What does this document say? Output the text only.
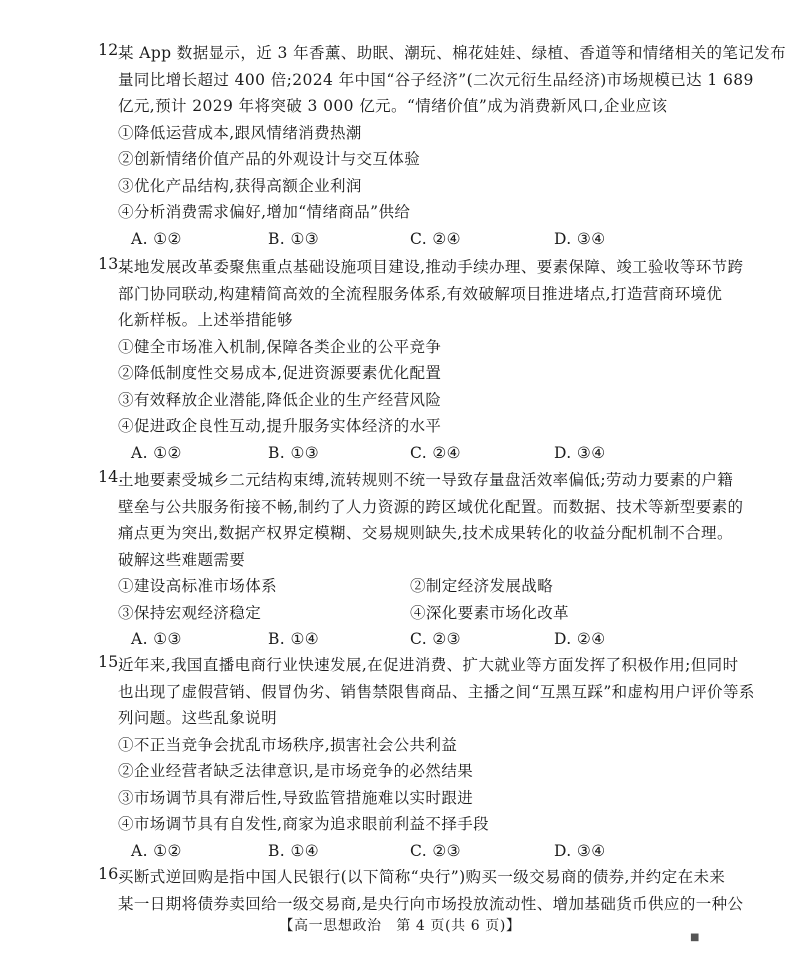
12.
某 App 数据显示，近 3 年香薰、助眠、潮玩、棉花娃娃、绿植、香道等和情绪相关的笔记发布
量同比增长超过 400 倍;2024 年中国“谷子经济”(二次元衍生品经济)市场规模已达 1 689
亿元,预计 2029 年将突破 3 000 亿元。“情绪价值”成为消费新风口,企业应该
①降低运营成本,跟风情绪消费热潮
②创新情绪价值产品的外观设计与交互体验
③优化产品结构,获得高额企业利润
④分析消费需求偏好,增加“情绪商品”供给
A. ①②	B. ①③	C. ②④	D. ③④
13.
某地发展改革委聚焦重点基础设施项目建设,推动手续办理、要素保障、竣工验收等环节跨
部门协同联动,构建精简高效的全流程服务体系,有效破解项目推进堵点,打造营商环境优
化新样板。上述举措能够
①健全市场准入机制,保障各类企业的公平竞争
②降低制度性交易成本,促进资源要素优化配置
③有效释放企业潜能,降低企业的生产经营风险
④促进政企良性互动,提升服务实体经济的水平
A. ①②	B. ①③	C. ②④	D. ③④
14.
土地要素受城乡二元结构束缚,流转规则不统一导致存量盘活效率偏低;劳动力要素的户籍
壁垒与公共服务衔接不畅,制约了人力资源的跨区域优化配置。而数据、技术等新型要素的
痛点更为突出,数据产权界定模糊、交易规则缺失,技术成果转化的收益分配机制不合理。
破解这些难题需要
①建设高标准市场体系	②制定经济发展战略
③保持宏观经济稳定	④深化要素市场化改革
A. ①③	B. ①④	C. ②③	D. ②④
15.
近年来,我国直播电商行业快速发展,在促进消费、扩大就业等方面发挥了积极作用;但同时
也出现了虚假营销、假冒伪劣、销售禁限售商品、主播之间“互黑互踩”和虚构用户评价等系
列问题。这些乱象说明
①不正当竞争会扰乱市场秩序,损害社会公共利益
②企业经营者缺乏法律意识,是市场竞争的必然结果
③市场调节具有滞后性,导致监管措施难以实时跟进
④市场调节具有自发性,商家为追求眼前利益不择手段
A. ①②	B. ①④	C. ②③	D. ③④
16.
买断式逆回购是指中国人民银行(以下简称“央行”)购买一级交易商的债券,并约定在未来
某一日期将债券卖回给一级交易商,是央行向市场投放流动性、增加基础货币供应的一种公
【高一思想政治　第 4 页(共 6 页)】
■
